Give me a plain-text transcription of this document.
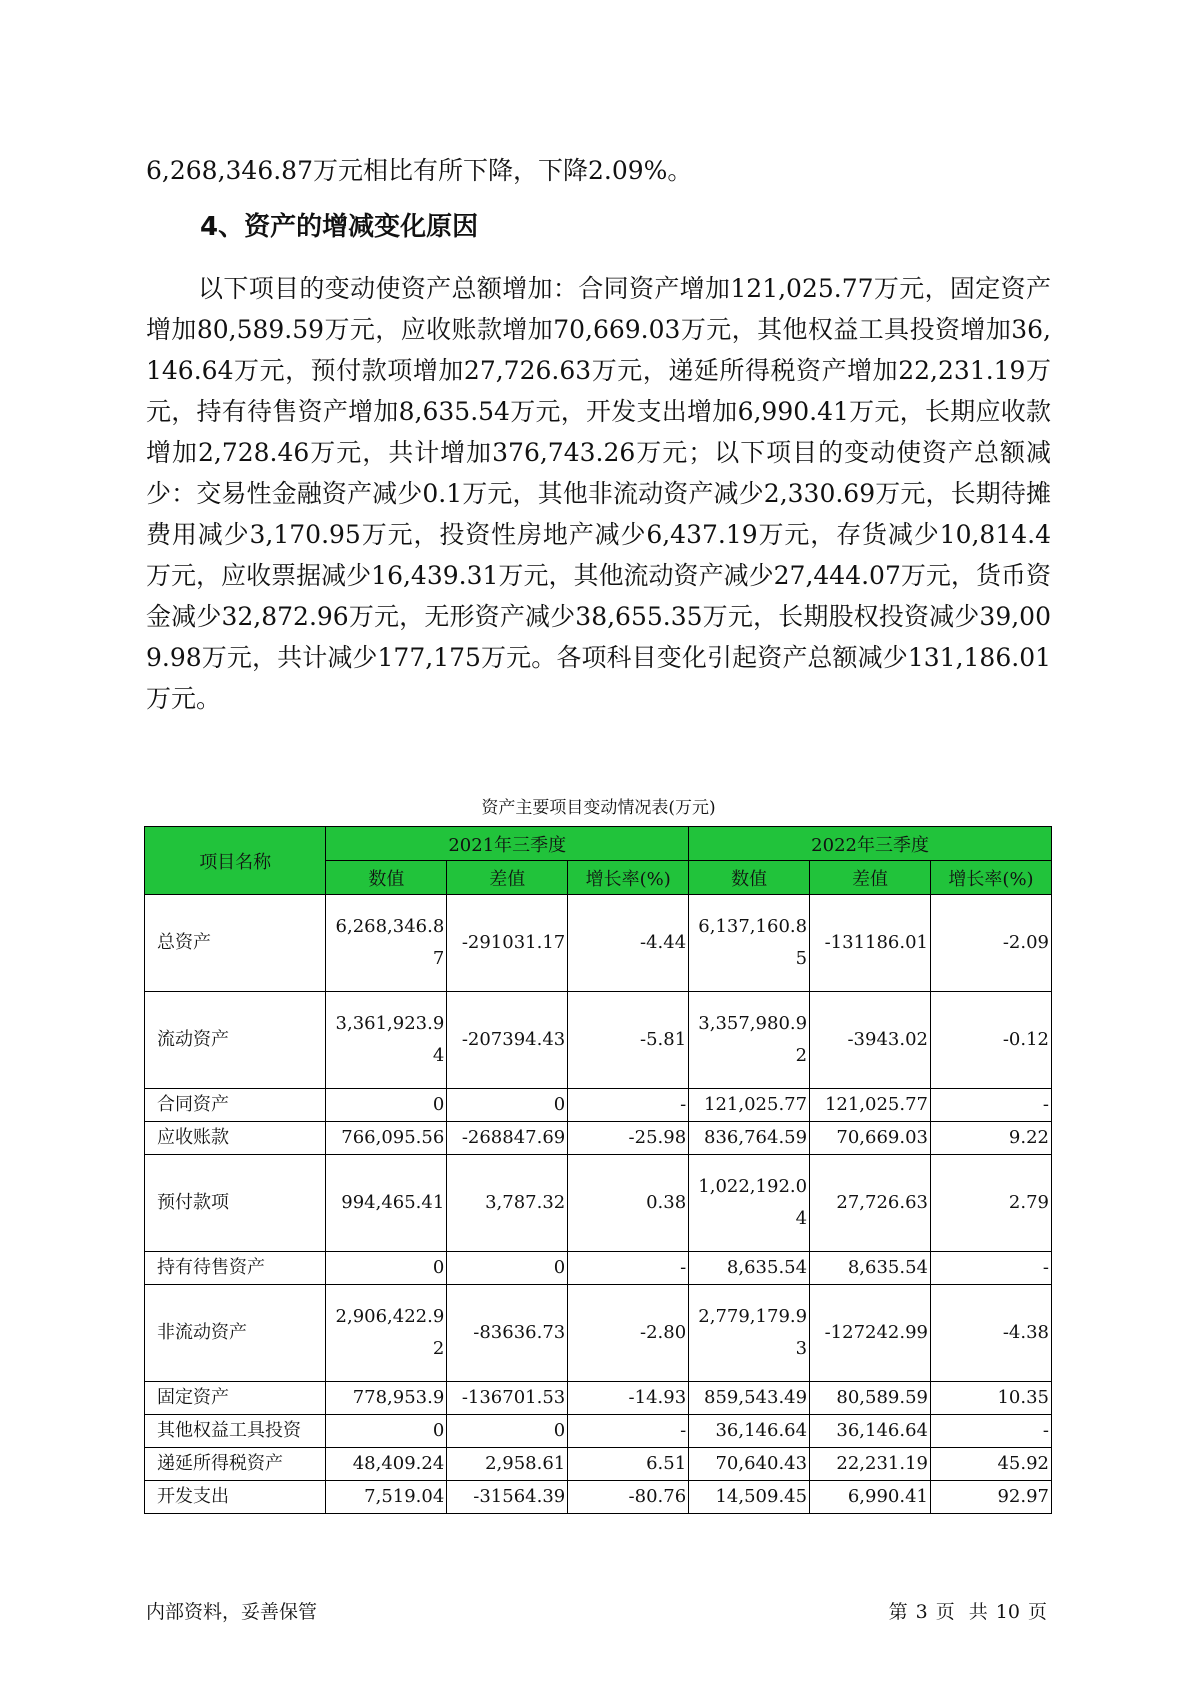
6,268,346.87万元相比有所下降，下降2.09%。
4、资产的增减变化原因
以下项目的变动使资产总额增加：合同资产增加121,025.77万元，固定资产增加80,589.59万元，应收账款增加70,669.03万元，其他权益工具投资增加36,146.64万元，预付款项增加27,726.63万元，递延所得税资产增加22,231.19万元，持有待售资产增加8,635.54万元，开发支出增加6,990.41万元，长期应收款增加2,728.46万元，共计增加376,743.26万元；以下项目的变动使资产总额减少：交易性金融资产减少0.1万元，其他非流动资产减少2,330.69万元，长期待摊费用减少3,170.95万元，投资性房地产减少6,437.19万元，存货减少10,814.4万元，应收票据减少16,439.31万元，其他流动资产减少27,444.07万元，货币资金减少32,872.96万元，无形资产减少38,655.35万元，长期股权投资减少39,009.98万元，共计减少177,175万元。各项科目变化引起资产总额减少131,186.01万元。
资产主要项目变动情况表(万元)
项目名称	2021年三季度			2022年三季度		
	数值	差值	增长率(%)	数值	差值	增长率(%)
总资产	6,268,346.87	-291031.17	-4.44	6,137,160.85	-131186.01	-2.09
流动资产	3,361,923.94	-207394.43	-5.81	3,357,980.92	-3943.02	-0.12
合同资产	0	0	-	121,025.77	121,025.77	-
应收账款	766,095.56	-268847.69	-25.98	836,764.59	70,669.03	9.22
预付款项	994,465.41	3,787.32	0.38	1,022,192.04	27,726.63	2.79
持有待售资产	0	0	-	8,635.54	8,635.54	-
非流动资产	2,906,422.92	-83636.73	-2.80	2,779,179.93	-127242.99	-4.38
固定资产	778,953.9	-136701.53	-14.93	859,543.49	80,589.59	10.35
其他权益工具投资	0	0	-	36,146.64	36,146.64	-
递延所得税资产	48,409.24	2,958.61	6.51	70,640.43	22,231.19	45.92
开发支出	7,519.04	-31564.39	-80.76	14,509.45	6,990.41	92.97
内部资料，妥善保管	第 3 页 共 10 页
